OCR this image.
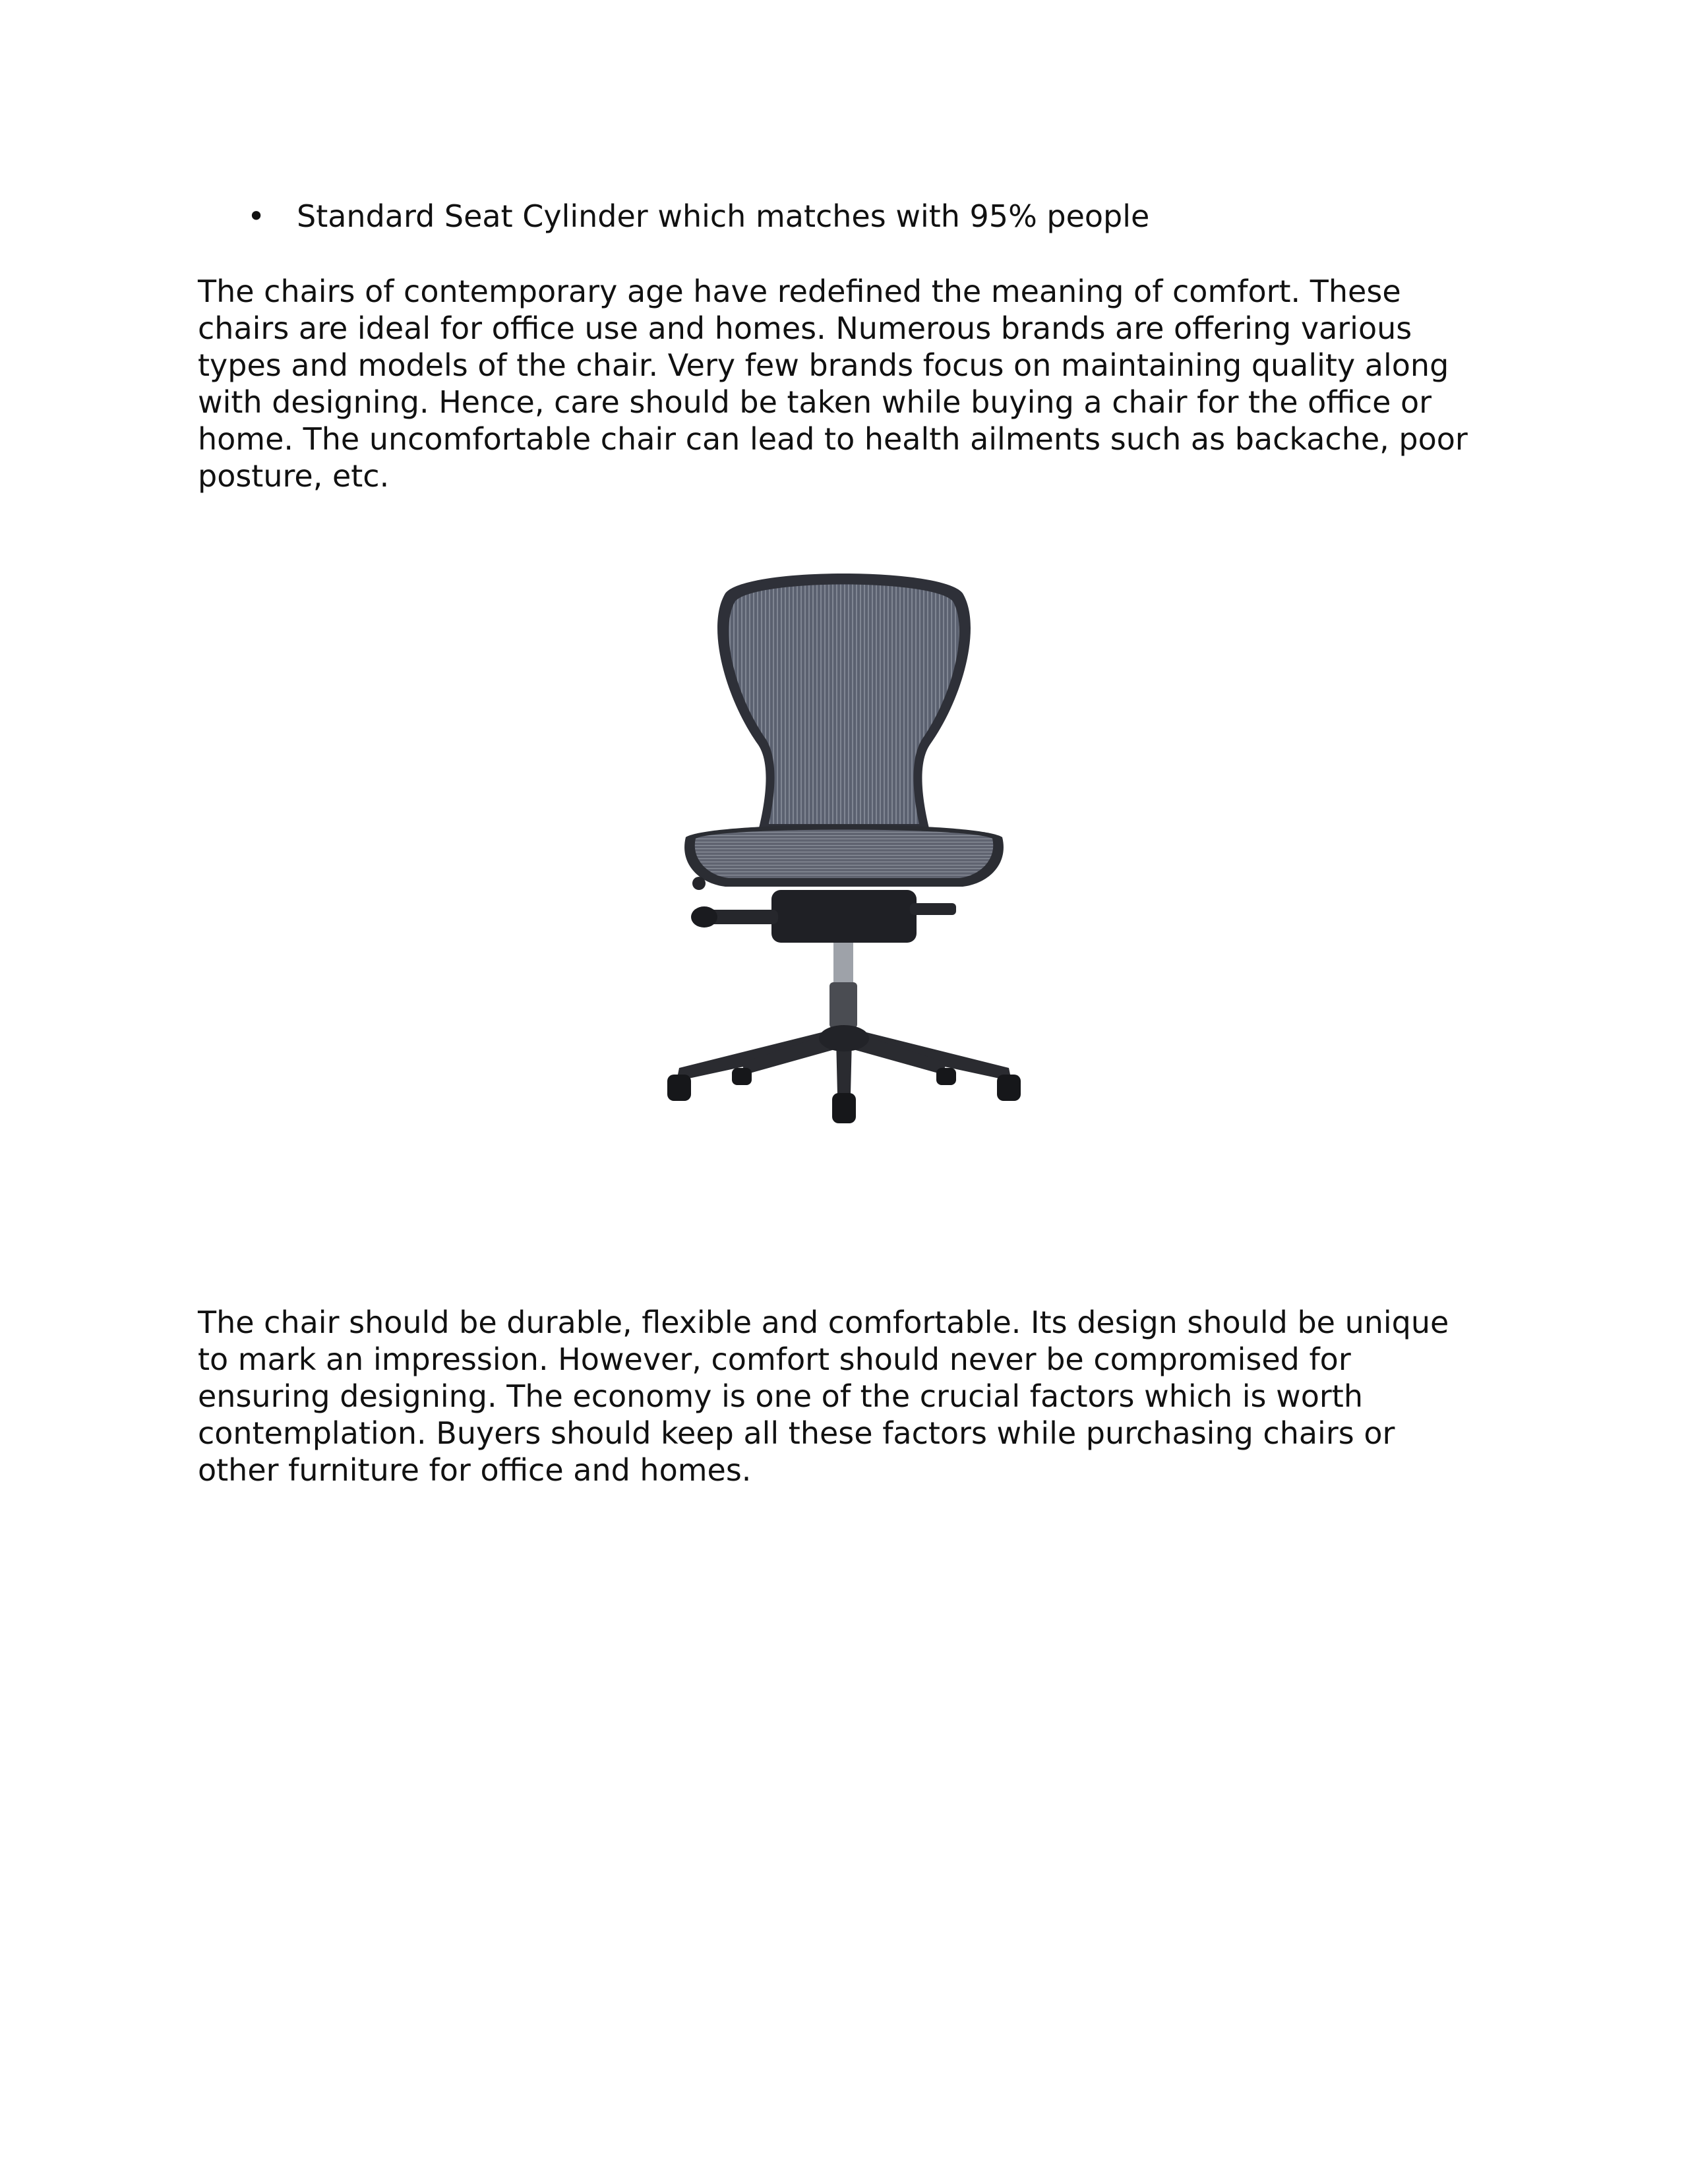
• Standard Seat Cylinder which matches with 95% people

The chairs of contemporary age have redefined the meaning of comfort. These
chairs are ideal for office use and homes. Numerous brands are offering various
types and models of the chair. Very few brands focus on maintaining quality along
with designing. Hence, care should be taken while buying a chair for the office or
home. The uncomfortable chair can lead to health ailments such as backache, poor
posture, etc.

The chair should be durable, flexible and comfortable. Its design should be unique
to mark an impression. However, comfort should never be compromised for
ensuring designing. The economy is one of the crucial factors which is worth
contemplation. Buyers should keep all these factors while purchasing chairs or
other furniture for office and homes.
